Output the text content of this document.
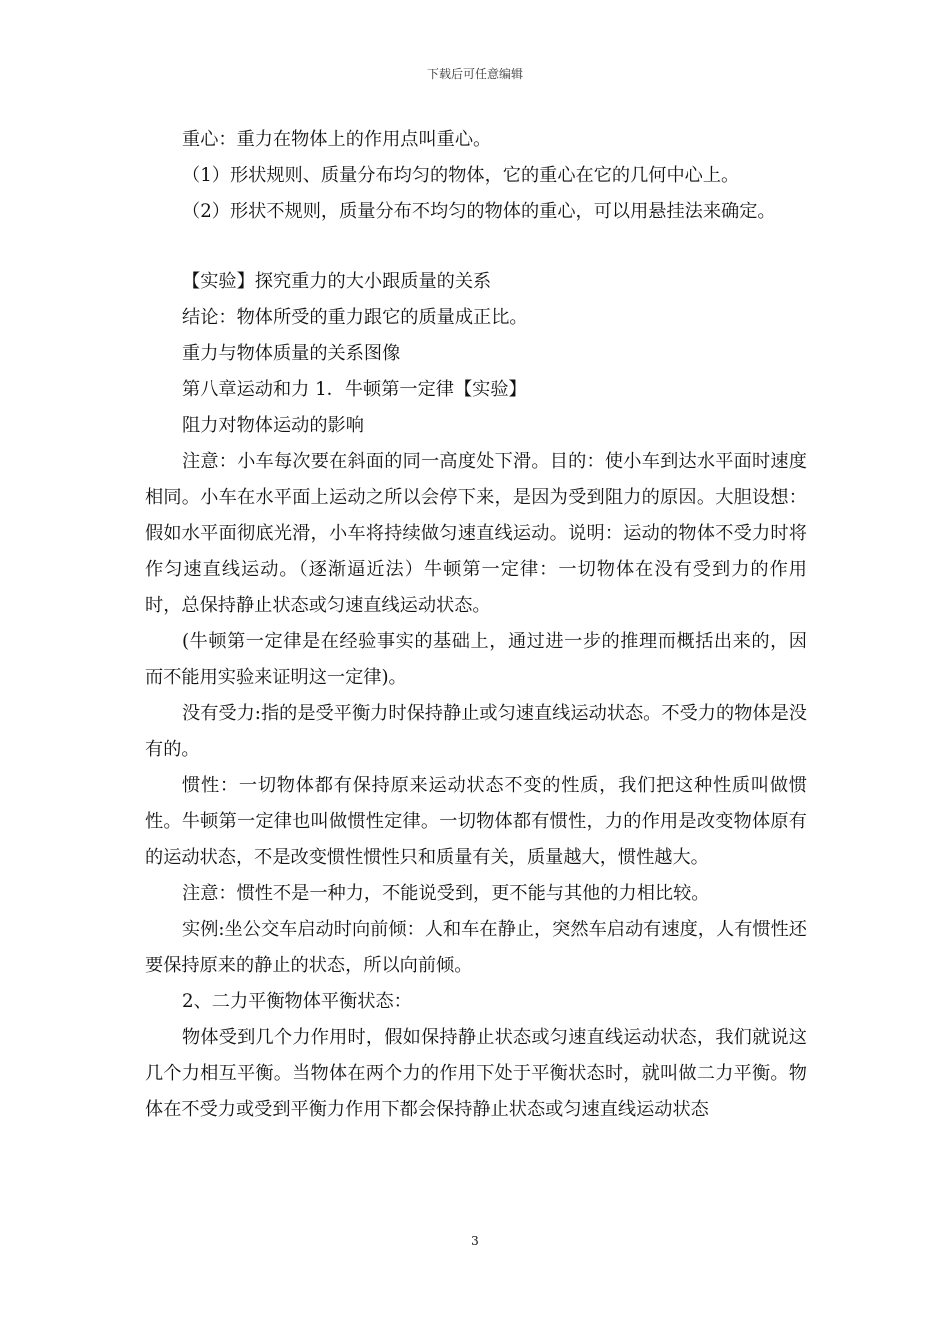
下载后可任意编辑
重心：重力在物体上的作用点叫重心。
（1）形状规则、质量分布均匀的物体，它的重心在它的几何中心上。
（2）形状不规则，质量分布不均匀的物体的重心，可以用悬挂法来确定。
【实验】探究重力的大小跟质量的关系
结论：物体所受的重力跟它的质量成正比。
重力与物体质量的关系图像
第八章运动和力 1．牛顿第一定律【实验】
阻力对物体运动的影响

注意：小车每次要在斜面的同一高度处下滑。目的：使小车到达水平面时速度相同。小车在水平面上运动之所以会停下来，是因为受到阻力的原因。大胆设想：假如水平面彻底光滑，小车将持续做匀速直线运动。说明：运动的物体不受力时将作匀速直线运动。（逐渐逼近法）牛顿第一定律：一切物体在没有受到力的作用时，总保持静止状态或匀速直线运动状态。

(牛顿第一定律是在经验事实的基础上，通过进一步的推理而概括出来的，因而不能用实验来证明这一定律)。

没有受力:指的是受平衡力时保持静止或匀速直线运动状态。不受力的物体是没有的。

惯性：一切物体都有保持原来运动状态不变的性质，我们把这种性质叫做惯性。牛顿第一定律也叫做惯性定律。一切物体都有惯性，力的作用是改变物体原有的运动状态，不是改变惯性惯性只和质量有关，质量越大，惯性越大。

注意：惯性不是一种力，不能说受到，更不能与其他的力相比较。

实例:坐公交车启动时向前倾：人和车在静止，突然车启动有速度，人有惯性还要保持原来的静止的状态，所以向前倾。

2、二力平衡物体平衡状态：

物体受到几个力作用时，假如保持静止状态或匀速直线运动状态，我们就说这几个力相互平衡。当物体在两个力的作用下处于平衡状态时，就叫做二力平衡。物体在不受力或受到平衡力作用下都会保持静止状态或匀速直线运动状态

3
